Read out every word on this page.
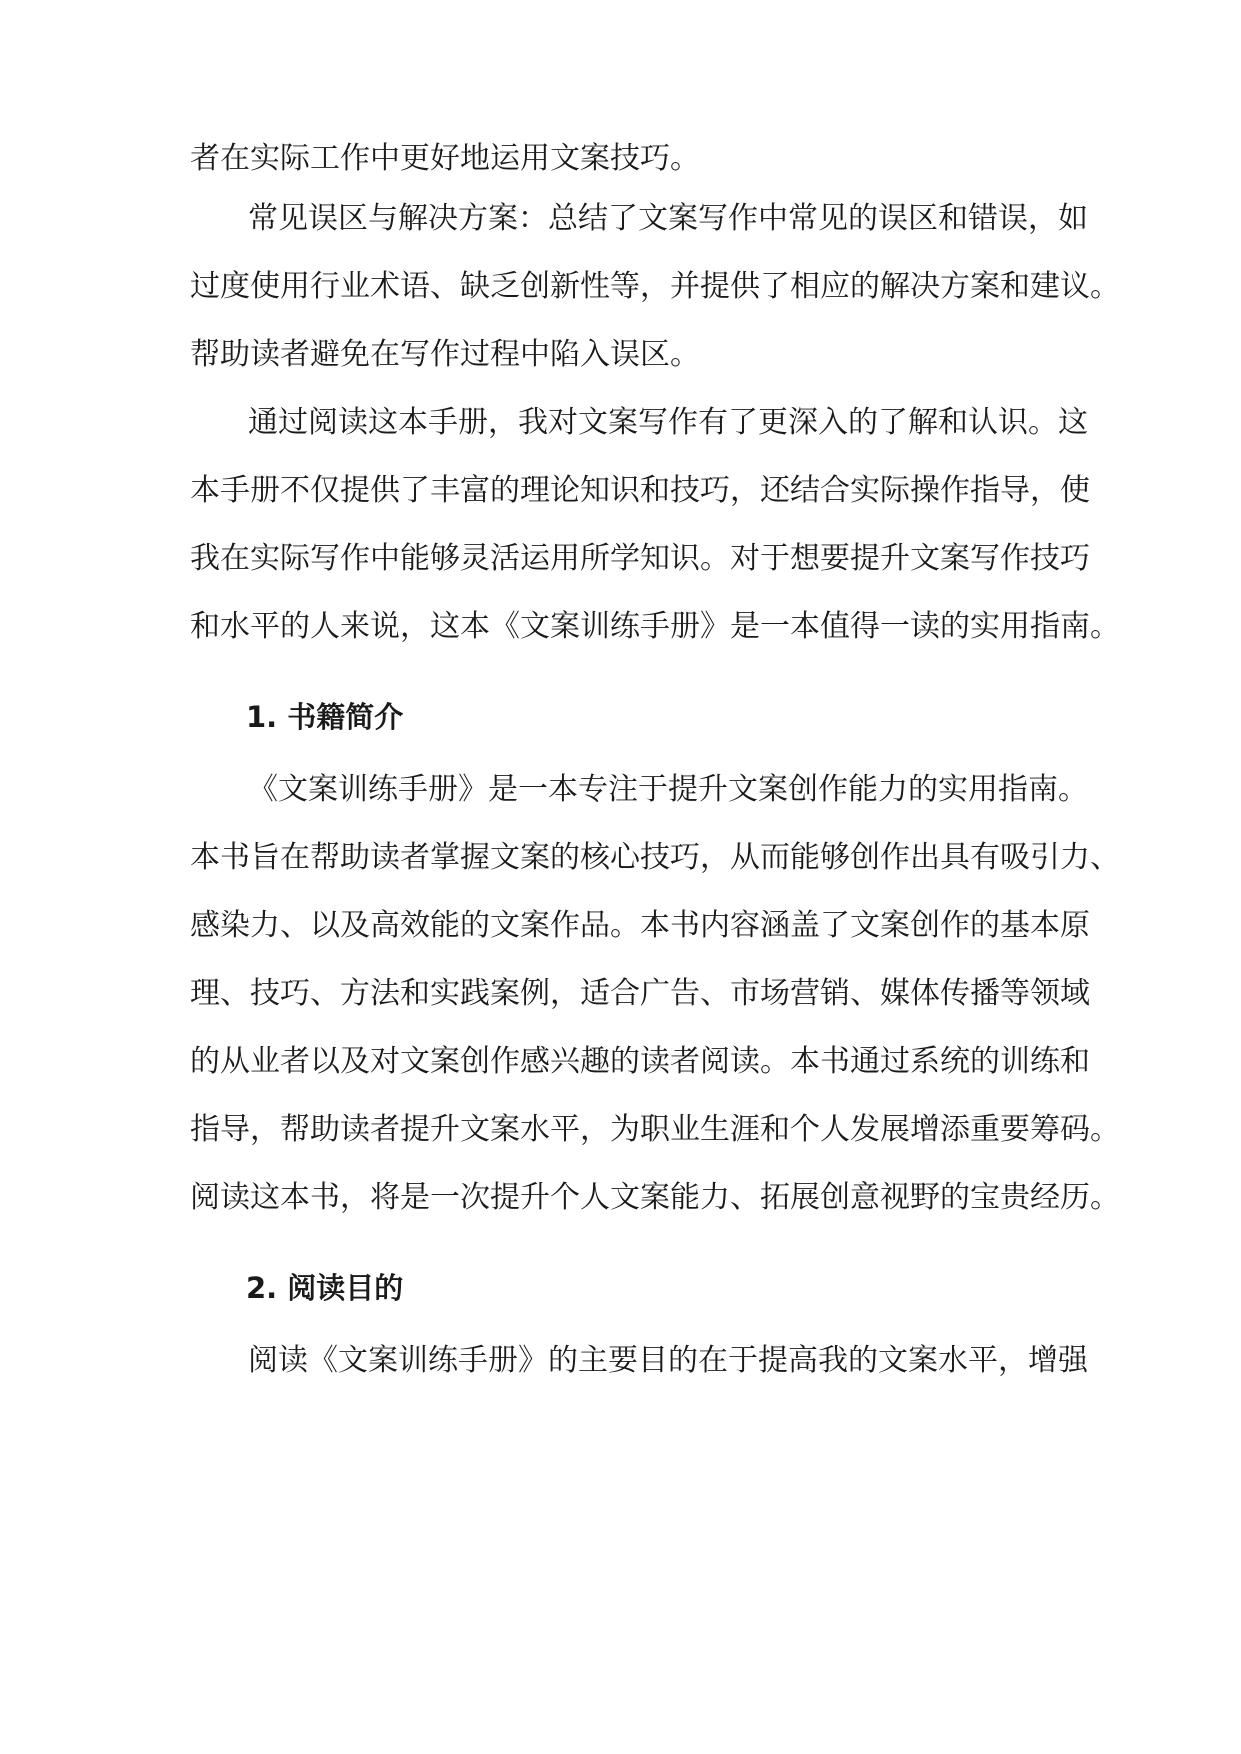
者在实际工作中更好地运用文案技巧。
常见误区与解决方案：总结了文案写作中常见的误区和错误，如
过度使用行业术语、缺乏创新性等，并提供了相应的解决方案和建议。
帮助读者避免在写作过程中陷入误区。
通过阅读这本手册，我对文案写作有了更深入的了解和认识。这
本手册不仅提供了丰富的理论知识和技巧，还结合实际操作指导，使
我在实际写作中能够灵活运用所学知识。对于想要提升文案写作技巧
和水平的人来说，这本《文案训练手册》是一本值得一读的实用指南。
1. 书籍简介
《文案训练手册》是一本专注于提升文案创作能力的实用指南。
本书旨在帮助读者掌握文案的核心技巧，从而能够创作出具有吸引力、
感染力、以及高效能的文案作品。本书内容涵盖了文案创作的基本原
理、技巧、方法和实践案例，适合广告、市场营销、媒体传播等领域
的从业者以及对文案创作感兴趣的读者阅读。本书通过系统的训练和
指导，帮助读者提升文案水平，为职业生涯和个人发展增添重要筹码。
阅读这本书，将是一次提升个人文案能力、拓展创意视野的宝贵经历。
2. 阅读目的
阅读《文案训练手册》的主要目的在于提高我的文案水平，增强
